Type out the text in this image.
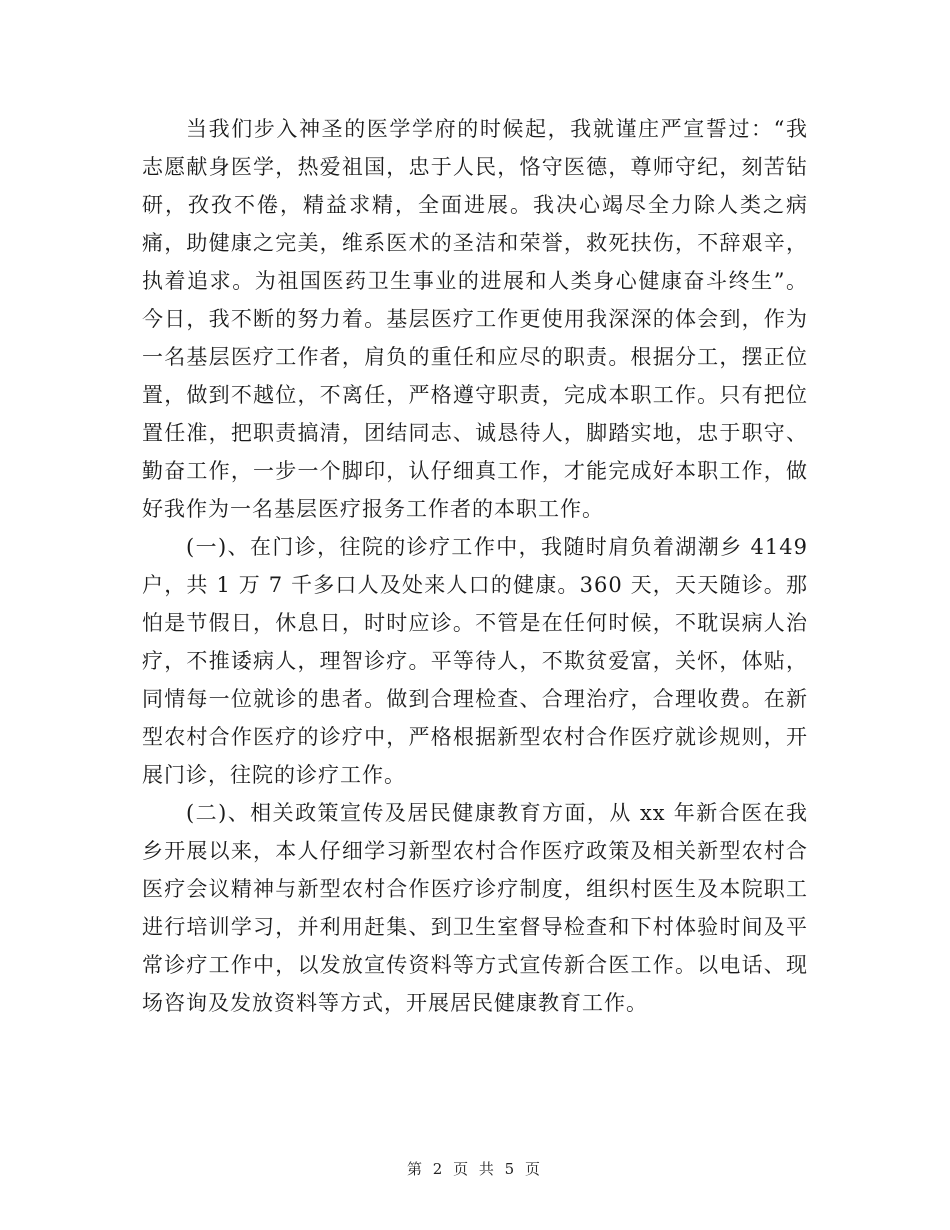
当我们步入神圣的医学学府的时候起，我就谨庄严宣誓过：“我志愿献身医学，热爱祖国，忠于人民，恪守医德，尊师守纪，刻苦钻研，孜孜不倦，精益求精，全面进展。我决心竭尽全力除人类之病痛，助健康之完美，维系医术的圣洁和荣誉，救死扶伤，不辞艰辛，执着追求。为祖国医药卫生事业的进展和人类身心健康奋斗终生”。今日，我不断的努力着。基层医疗工作更使用我深深的体会到，作为一名基层医疗工作者，肩负的重任和应尽的职责。根据分工，摆正位置，做到不越位，不离任，严格遵守职责，完成本职工作。只有把位置任准，把职责搞清，团结同志、诚恳待人，脚踏实地，忠于职守、勤奋工作，一步一个脚印，认仔细真工作，才能完成好本职工作，做好我作为一名基层医疗报务工作者的本职工作。

(一)、在门诊，往院的诊疗工作中，我随时肩负着湖潮乡 4149 户，共 1 万 7 千多口人及处来人口的健康。360 天，天天随诊。那怕是节假日，休息日，时时应诊。不管是在任何时候，不耽误病人治疗，不推诿病人，理智诊疗。平等待人，不欺贫爱富，关怀，体贴，同情每一位就诊的患者。做到合理检查、合理治疗，合理收费。在新型农村合作医疗的诊疗中，严格根据新型农村合作医疗就诊规则，开展门诊，往院的诊疗工作。

(二)、相关政策宣传及居民健康教育方面，从 xx 年新合医在我乡开展以来，本人仔细学习新型农村合作医疗政策及相关新型农村合医疗会议精神与新型农村合作医疗诊疗制度，组织村医生及本院职工进行培训学习，并利用赶集、到卫生室督导检查和下村体验时间及平常诊疗工作中，以发放宣传资料等方式宣传新合医工作。以电话、现场咨询及发放资料等方式，开展居民健康教育工作。

第 2 页 共 5 页
